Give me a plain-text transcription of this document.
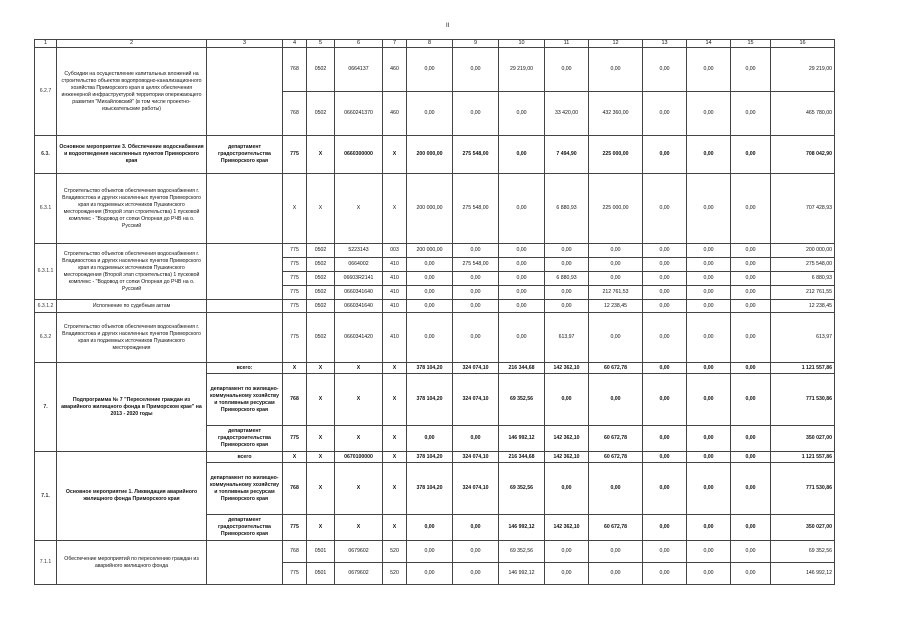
II
1	2	3	4	5	6	7	8	9	10	11	12	13	14	15	16
6.2.7	Субсидии на осуществление капитальных вложений на строительство объектов водопроводно-канализационного хозяйства Приморского края в целях обеспечения инженерной инфраструктурой территории опережающего развития "Михайловский" (в том числе проектно-изыскательские работы)		768	0502	0664137	460	0,00	0,00	29 219,00	0,00	0,00	0,00	0,00	0,00	29 219,00
			768	0502	0660241370	460	0,00	0,00	0,00	33 420,00	432 360,00	0,00	0,00	0,00	465 780,00
6.3.	Основное мероприятие 3. Обеспечение водоснабжения и водоотведения населенных пунктов Приморского края	департамент градостроительства Приморского края	775	X	0660300000	X	200 000,00	275 548,00	0,00	7 494,90	225 000,00	0,00	0,00	0,00	708 042,90
6.3.1	Строительство объектов обеспечения водоснабжения г. Владивостока и других населенных пунктов Приморского края из подземных источников Пушкинского месторождения (Второй этап строительства) 1 пусковой комплекс - "Водовод от сопки Опорная до РЧВ на о. Русский		X	X	X	X	200 000,00	275 548,00	0,00	6 880,93	225 000,00	0,00	0,00	0,00	707 428,93
6.3.1.1	Строительство объектов обеспечения водоснабжения г. Владивостока и других населенных пунктов Приморского края из подземных источников Пушкинского месторождения (Второй этап строительства) 1 пусковой комплекс - "Водовод от сопки Опорная до РЧВ на о. Русский		775	0502	5223143	003	200 000,00	0,00	0,00	0,00	0,00	0,00	0,00	0,00	200 000,00
			775	0502	0664002	410	0,00	275 548,00	0,00	0,00	0,00	0,00	0,00	0,00	275 548,00
			775	0502	06603R2141	410	0,00	0,00	0,00	6 880,93	0,00	0,00	0,00	0,00	6 880,93
			775	0502	0660341640	410	0,00	0,00	0,00	0,00	212 761,53	0,00	0,00	0,00	212 761,55
6.3.1.2	Исполнение по судебным актам		775	0502	0660341640	410	0,00	0,00	0,00	0,00	12 238,45	0,00	0,00	0,00	12 238,45
6.3.2	Строительство объектов обеспечения водоснабжения г. Владивостока и других населенных пунктов Приморского края из подземных источников Пушкинского месторождения		775	0502	0660341420	410	0,00	0,00	0,00	613,97	0,00	0,00	0,00	0,00	613,97
7.	Подпрограмма № 7 "Переселение граждан из аварийного жилищного фонда в Приморском крае" на 2013 - 2020 годы	всего:	X	X	X	X	378 104,20	324 074,10	216 344,68	142 362,10	60 672,78	0,00	0,00	0,00	1 121 557,86
		департамент по жилищно-коммунальному хозяйству и топливным ресурсам Приморского края	768	X	X	X	378 104,20	324 074,10	69 352,56	0,00	0,00	0,00	0,00	0,00	771 530,86
		департамент градостроительства Приморского края	775	X	X	X	0,00	0,00	146 992,12	142 362,10	60 672,78	0,00	0,00	0,00	350 027,00
7.1.	Основное мероприятие 1. Ликвидация аварийного жилищного фонда Приморского края	всего	X	X	0670100000	X	378 104,20	324 074,10	216 344,68	142 362,10	60 672,78	0,00	0,00	0,00	1 121 557,86
		департамент по жилищно-коммунальному хозяйству и топливным ресурсам Приморского края	768	X	X	X	378 104,20	324 074,10	69 352,56	0,00	0,00	0,00	0,00	0,00	771 530,86
		департамент градостроительства Приморского края	775	X	X	X	0,00	0,00	146 992,12	142 362,10	60 672,78	0,00	0,00	0,00	350 027,00
7.1.1	Обеспечение мероприятий по переселению граждан из аварийного жилищного фонда		768	0501	0679602	520	0,00	0,00	69 352,56	0,00	0,00	0,00	0,00	0,00	69 352,56
			775	0501	0679602	520	0,00	0,00	146 992,12	0,00	0,00	0,00	0,00	0,00	146 992,12
